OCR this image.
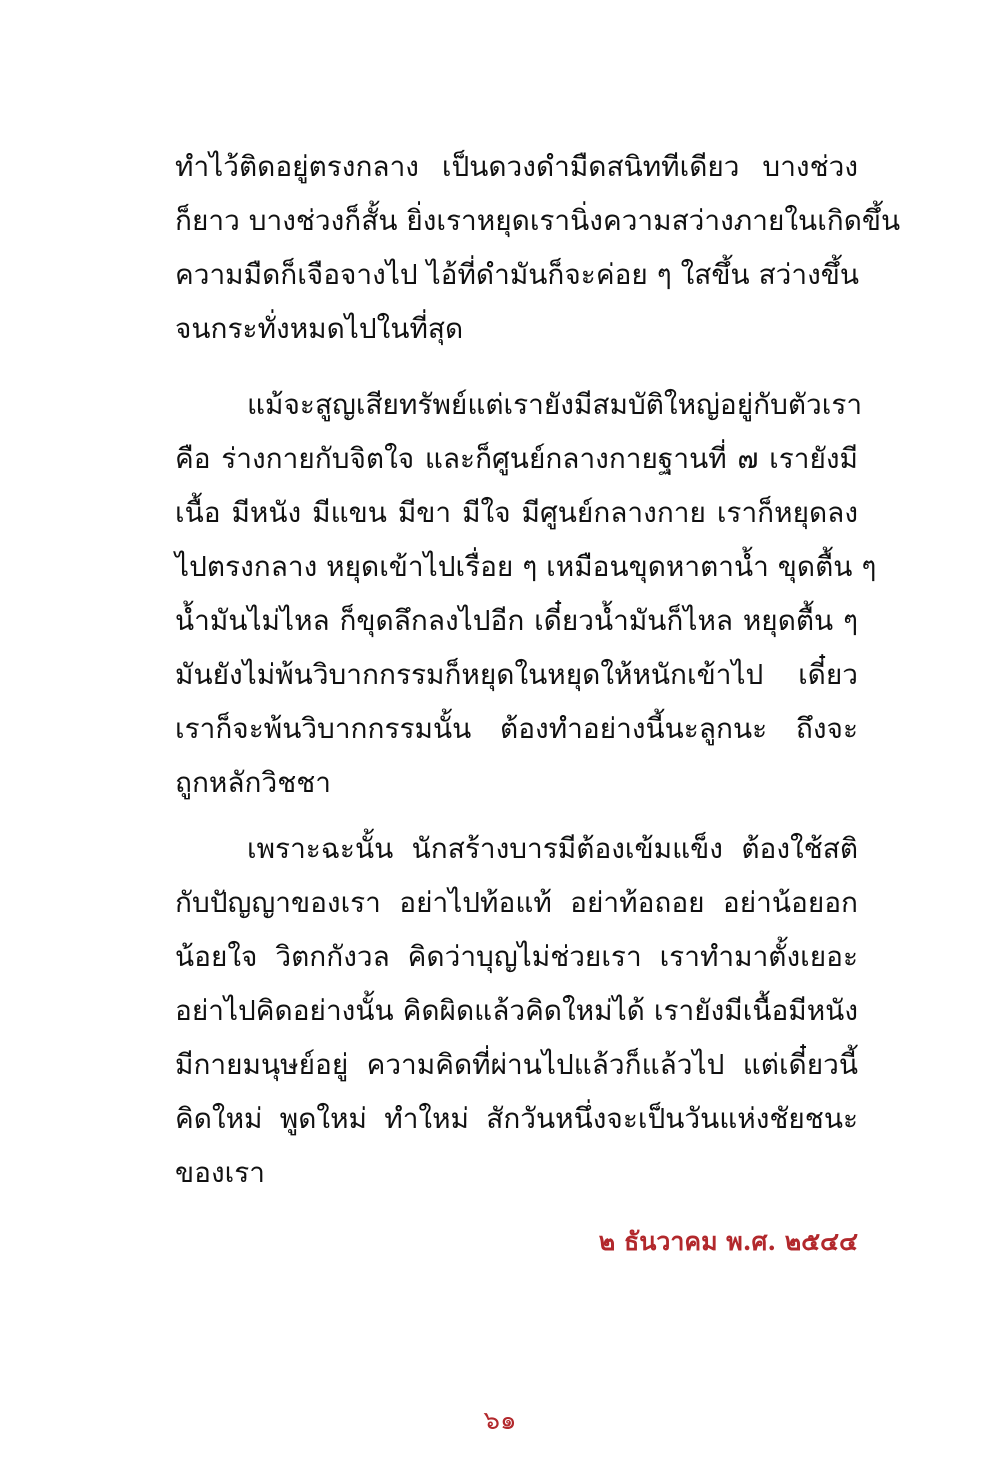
ทำไว้ติดอยู่ตรงกลาง เป็นดวงดำมืดสนิททีเดียว บางช่วง
ก็ยาว บางช่วงก็สั้น ยิ่งเราหยุดเรานิ่งความสว่างภายในเกิดขึ้น
ความมืดก็เจือจางไป ไอ้ที่ดำมันก็จะค่อย ๆ ใสขึ้น สว่างขึ้น
จนกระทั่งหมดไปในที่สุด
แม้จะสูญเสียทรัพย์แต่เรายังมีสมบัติใหญ่อยู่กับตัวเรา
คือ ร่างกายกับจิตใจ และก็ศูนย์กลางกายฐานที่ ๗ เรายังมี
เนื้อ มีหนัง มีแขน มีขา มีใจ มีศูนย์กลางกาย เราก็หยุดลง
ไปตรงกลาง หยุดเข้าไปเรื่อย ๆ เหมือนขุดหาตาน้ำ ขุดตื้น ๆ
น้ำมันไม่ไหล ก็ขุดลึกลงไปอีก เดี๋ยวน้ำมันก็ไหล หยุดตื้น ๆ
มันยังไม่พ้นวิบากกรรมก็หยุดในหยุดให้หนักเข้าไป เดี๋ยว
เราก็จะพ้นวิบากกรรมนั้น ต้องทำอย่างนี้นะลูกนะ ถึงจะ
ถูกหลักวิชชา
เพราะฉะนั้น นักสร้างบารมีต้องเข้มแข็ง ต้องใช้สติ
กับปัญญาของเรา อย่าไปท้อแท้ อย่าท้อถอย อย่าน้อยอก
น้อยใจ วิตกกังวล คิดว่าบุญไม่ช่วยเรา เราทำมาตั้งเยอะ
อย่าไปคิดอย่างนั้น คิดผิดแล้วคิดใหม่ได้ เรายังมีเนื้อมีหนัง
มีกายมนุษย์อยู่ ความคิดที่ผ่านไปแล้วก็แล้วไป แต่เดี๋ยวนี้
คิดใหม่ พูดใหม่ ทำใหม่ สักวันหนึ่งจะเป็นวันแห่งชัยชนะ
ของเรา
๒ ธันวาคม พ.ศ. ๒๕๔๔
๖๑
